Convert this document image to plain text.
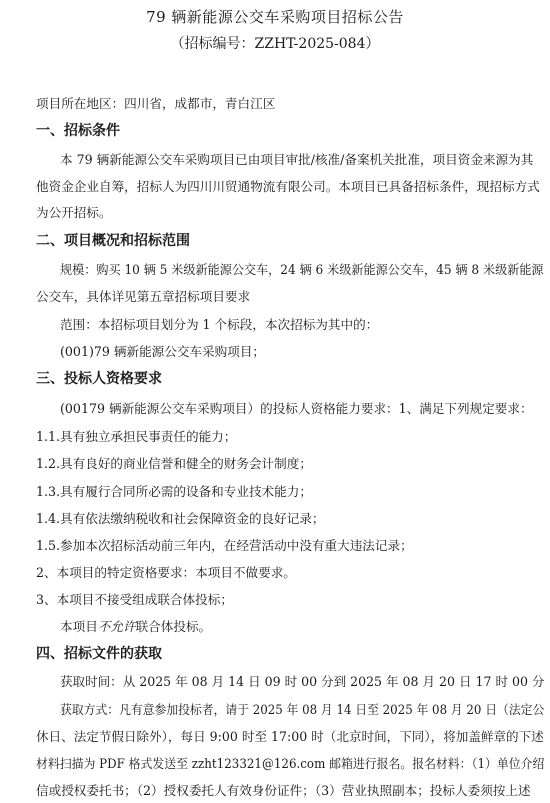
79 辆新能源公交车采购项目招标公告
（招标编号：ZZHT-2025-084）
项目所在地区：四川省，成都市，青白江区
一、招标条件
本 79 辆新能源公交车采购项目已由项目审批/核准/备案机关批准，项目资金来源为其
他资金企业自筹，招标人为四川川贸通物流有限公司。本项目已具备招标条件，现招标方式
为公开招标。
二、项目概况和招标范围
规模：购买 10 辆 5 米级新能源公交车，24 辆 6 米级新能源公交车，45 辆 8 米级新能源
公交车，具体详见第五章招标项目要求
范围：本招标项目划分为 1 个标段，本次招标为其中的：
(001)79 辆新能源公交车采购项目；
三、投标人资格要求
(00179 辆新能源公交车采购项目）的投标人资格能力要求：1、满足下列规定要求：
1.1.具有独立承担民事责任的能力；
1.2.具有良好的商业信誉和健全的财务会计制度；
1.3.具有履行合同所必需的设备和专业技术能力；
1.4.具有依法缴纳税收和社会保障资金的良好记录；
1.5.参加本次招标活动前三年内，在经营活动中没有重大违法记录；
2、本项目的特定资格要求：本项目不做要求。
3、本项目不接受组成联合体投标；
本项目不允许联合体投标。
四、招标文件的获取
获取时间：从 2025 年 08 月 14 日 09 时 00 分到 2025 年 08 月 20 日 17 时 00 分
获取方式：凡有意参加投标者，请于 2025 年 08 月 14 日至 2025 年 08 月 20 日（法定公
休日、法定节假日除外），每日 9:00 时至 17:00 时（北京时间，下同），将加盖鲜章的下述
材料扫描为 PDF 格式发送至 zzht123321@126.com 邮箱进行报名。报名材料：（1）单位介绍
信或授权委托书；（2）授权委托人有效身份证件；（3）营业执照副本；投标人委须按上述
